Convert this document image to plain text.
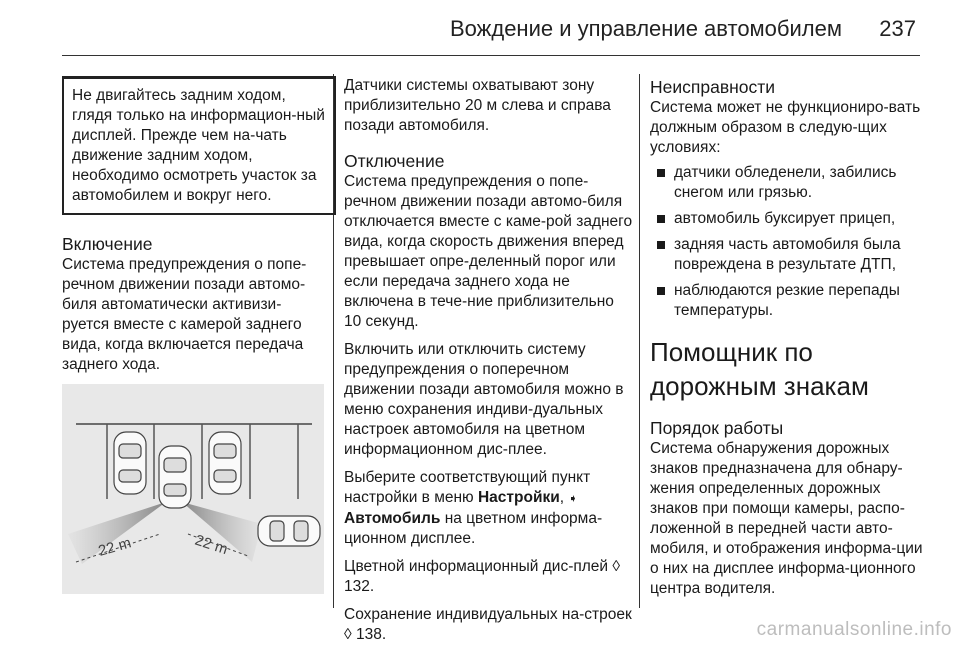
Вождение и управление автомобилем 237

Не двигайтесь задним ходом, глядя только на информацион-ный дисплей. Прежде чем на-чать движение задним ходом, необходимо осмотреть участок за автомобилем и вокруг него.

Включение

Система предупреждения о попе-речном движении позади автомо-биля автоматически активизи-руется вместе с камерой заднего вида, когда включается передача заднего хода.

22 m	22 m

Датчики системы охватывают зону приблизительно 20 м слева и справа позади автомобиля.

Отключение

Система предупреждения о попе-речном движении позади автомо-биля отключается вместе с каме-рой заднего вида, когда скорость движения вперед превышает опре-деленный порог или если передача заднего хода не включена в тече-ние приблизительно 10 секунд.

Включить или отключить систему предупреждения о поперечном движении позади автомобиля можно в меню сохранения индиви-дуальных настроек автомобиля на цветном информационном дис-плее.

Выберите соответствующий пункт настройки в меню Настройки, ➧
Автомобиль на цветном информа-ционном дисплее.

Цветной информационный дис-плей ◊ 132.

Сохранение индивидуальных на-строек ◊ 138.

Неисправности

Система может не функциониро-вать должным образом в следую-щих условиях:

датчики обледенели, забились снегом или грязью.
автомобиль буксирует прицеп,
задняя часть автомобиля была повреждена в результате ДТП,
наблюдаются резкие перепады температуры.
Помощник по дорожным знакам
Порядок работы

Система обнаружения дорожных знаков предназначена для обнару-жения определенных дорожных знаков при помощи камеры, распо-ложенной в передней части авто-мобиля, и отображения информа-ции о них на дисплее информа-ционного центра водителя.

carmanualsonline.info
